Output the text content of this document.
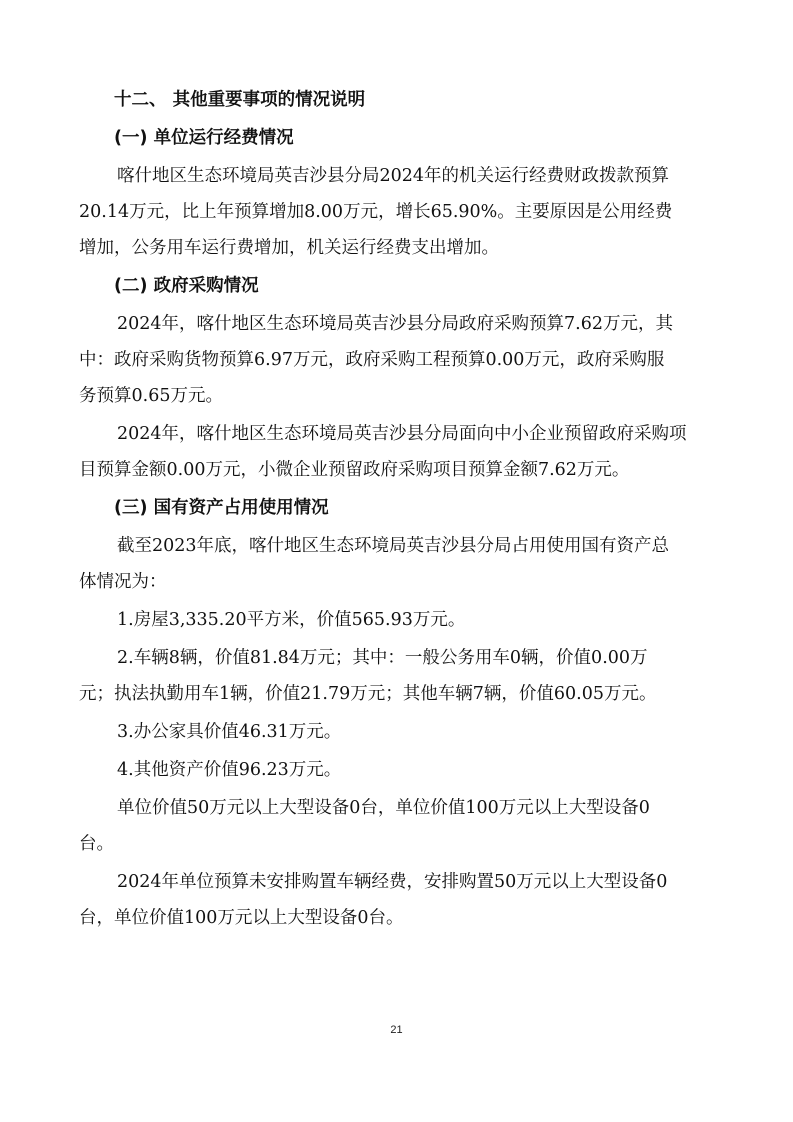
十二、 其他重要事项的情况说明
(一) 单位运行经费情况
喀什地区生态环境局英吉沙县分局2024年的机关运行经费财政拨款预算
20.14万元，比上年预算增加8.00万元，增长65.90%。主要原因是公用经费
增加，公务用车运行费增加，机关运行经费支出增加。
(二) 政府采购情况
2024年，喀什地区生态环境局英吉沙县分局政府采购预算7.62万元，其
中：政府采购货物预算6.97万元，政府采购工程预算0.00万元，政府采购服
务预算0.65万元。
2024年，喀什地区生态环境局英吉沙县分局面向中小企业预留政府采购项
目预算金额0.00万元，小微企业预留政府采购项目预算金额7.62万元。
(三) 国有资产占用使用情况
截至2023年底，喀什地区生态环境局英吉沙县分局占用使用国有资产总
体情况为：
1.房屋3,335.20平方米，价值565.93万元。
2.车辆8辆，价值81.84万元；其中：一般公务用车0辆，价值0.00万
元；执法执勤用车1辆，价值21.79万元；其他车辆7辆，价值60.05万元。
3.办公家具价值46.31万元。
4.其他资产价值96.23万元。
单位价值50万元以上大型设备0台，单位价值100万元以上大型设备0
台。
2024年单位预算未安排购置车辆经费，安排购置50万元以上大型设备0
台，单位价值100万元以上大型设备0台。
21
